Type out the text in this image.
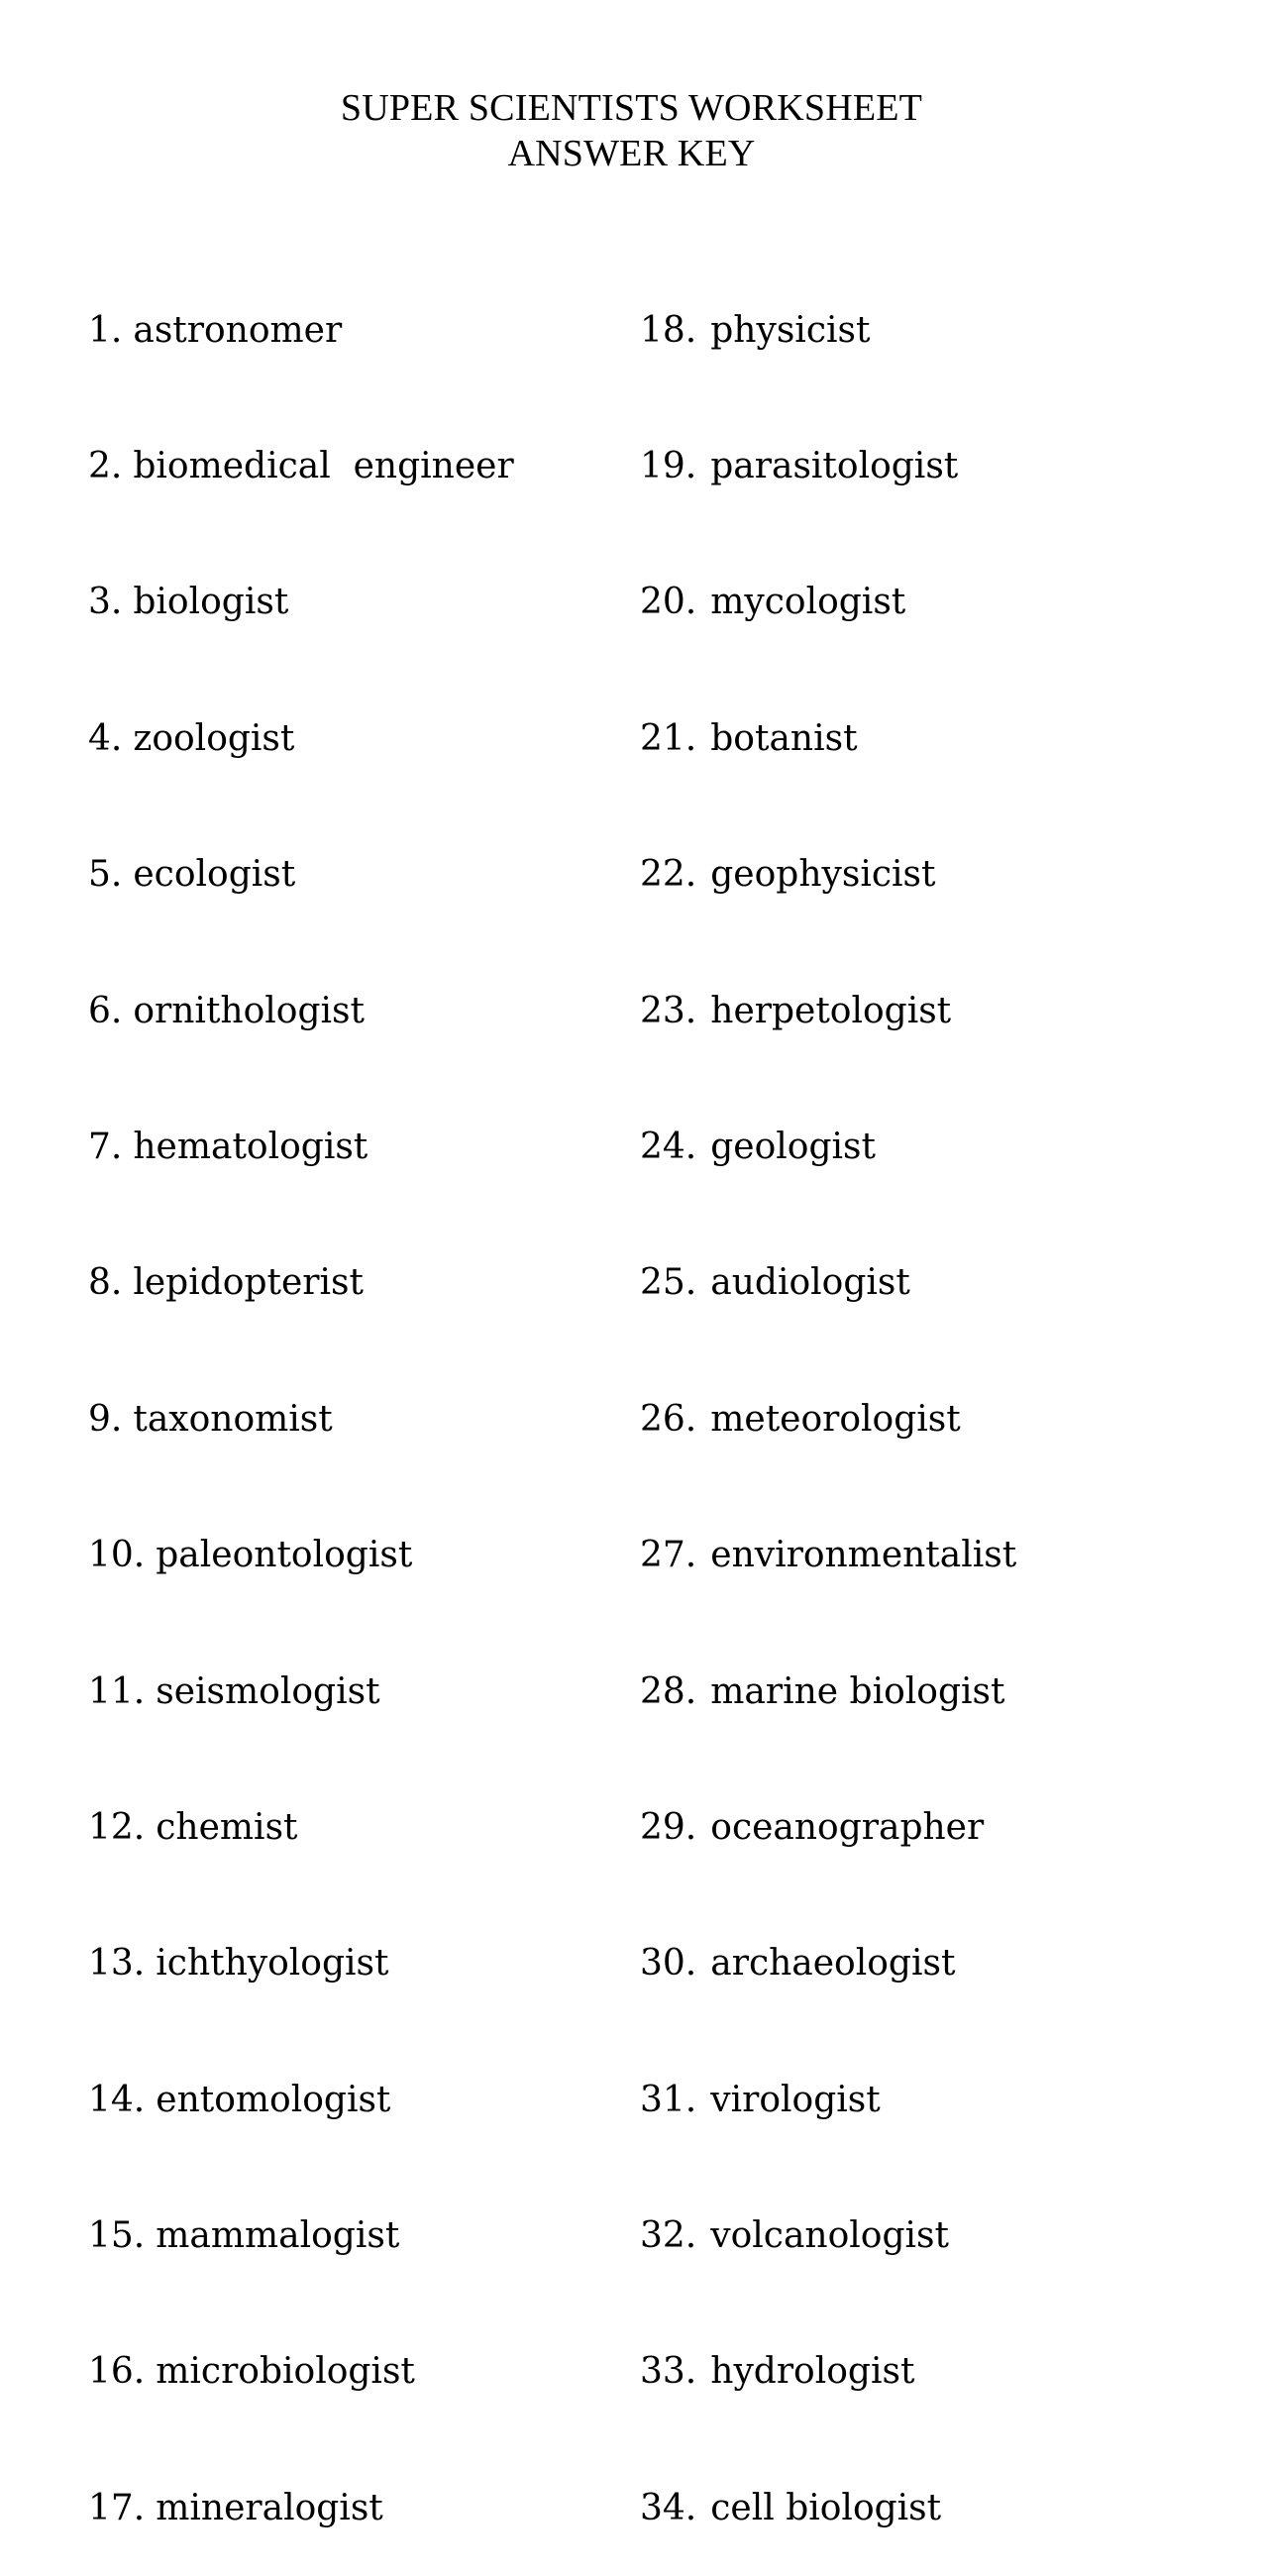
SUPER SCIENTISTS WORKSHEET
ANSWER KEY

1. astronomer

2. biomedical  engineer

3. biologist

4. zoologist

5. ecologist

6. ornithologist

7. hematologist

8. lepidopterist

9. taxonomist

10. paleontologist

11. seismologist

12. chemist

13. ichthyologist

14. entomologist

15. mammalogist

16. microbiologist

17. mineralogist

18. physicist

19. parasitologist

20. mycologist

21. botanist

22. geophysicist

23. herpetologist

24. geologist

25. audiologist

26. meteorologist

27. environmentalist

28. marine biologist

29. oceanographer

30. archaeologist

31. virologist

32. volcanologist

33. hydrologist

34. cell biologist
